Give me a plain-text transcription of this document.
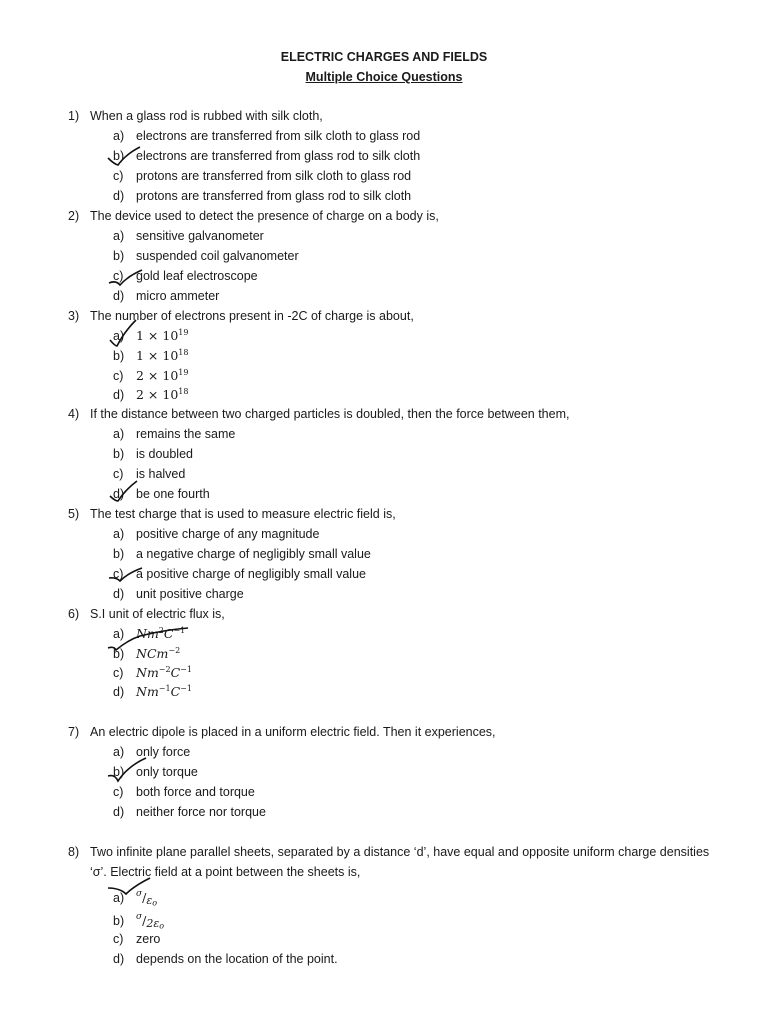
ELECTRIC CHARGES AND FIELDS
Multiple Choice Questions
1) When a glass rod is rubbed with silk cloth,
a) electrons are transferred from silk cloth to glass rod
b) electrons are transferred from glass rod to silk cloth
c) protons are transferred from silk cloth to glass rod
d) protons are transferred from glass rod to silk cloth
2) The device used to detect the presence of charge on a body is,
a) sensitive galvanometer
b) suspended coil galvanometer
c) gold leaf electroscope
d) micro ammeter
3) The number of electrons present in -2C of charge is about,
a) $1 \times 10^{19}$
b) $1 \times 10^{18}$
c) $2 \times 10^{19}$
d) $2 \times 10^{18}$
4) If the distance between two charged particles is doubled, then the force between them,
a) remains the same
b) is doubled
c) is halved
d) be one fourth
5) The test charge that is used to measure electric field is,
a) positive charge of any magnitude
b) a negative charge of negligibly small value
c) a positive charge of negligibly small value
d) unit positive charge
6) S.I unit of electric flux is,
a) $Nm^2C^{-1}$
b) NCm$^{-2}$
c) $Nm^{-2}C^{-1}$
d) $Nm^{-1}C^{-1}$
7) An electric dipole is placed in a uniform electric field. Then it experiences,
a) only force
b) only torque
c) both force and torque
d) neither force nor torque
8) Two infinite plane parallel sheets, separated by a distance ‘d’, have equal and opposite uniform charge densities
‘σ’. Electric field at a point between the sheets is,
a) $^\sigma/\varepsilon_o$
b) $^\sigma/2\varepsilon_o$
c) zero
d) depends on the location of the point.
